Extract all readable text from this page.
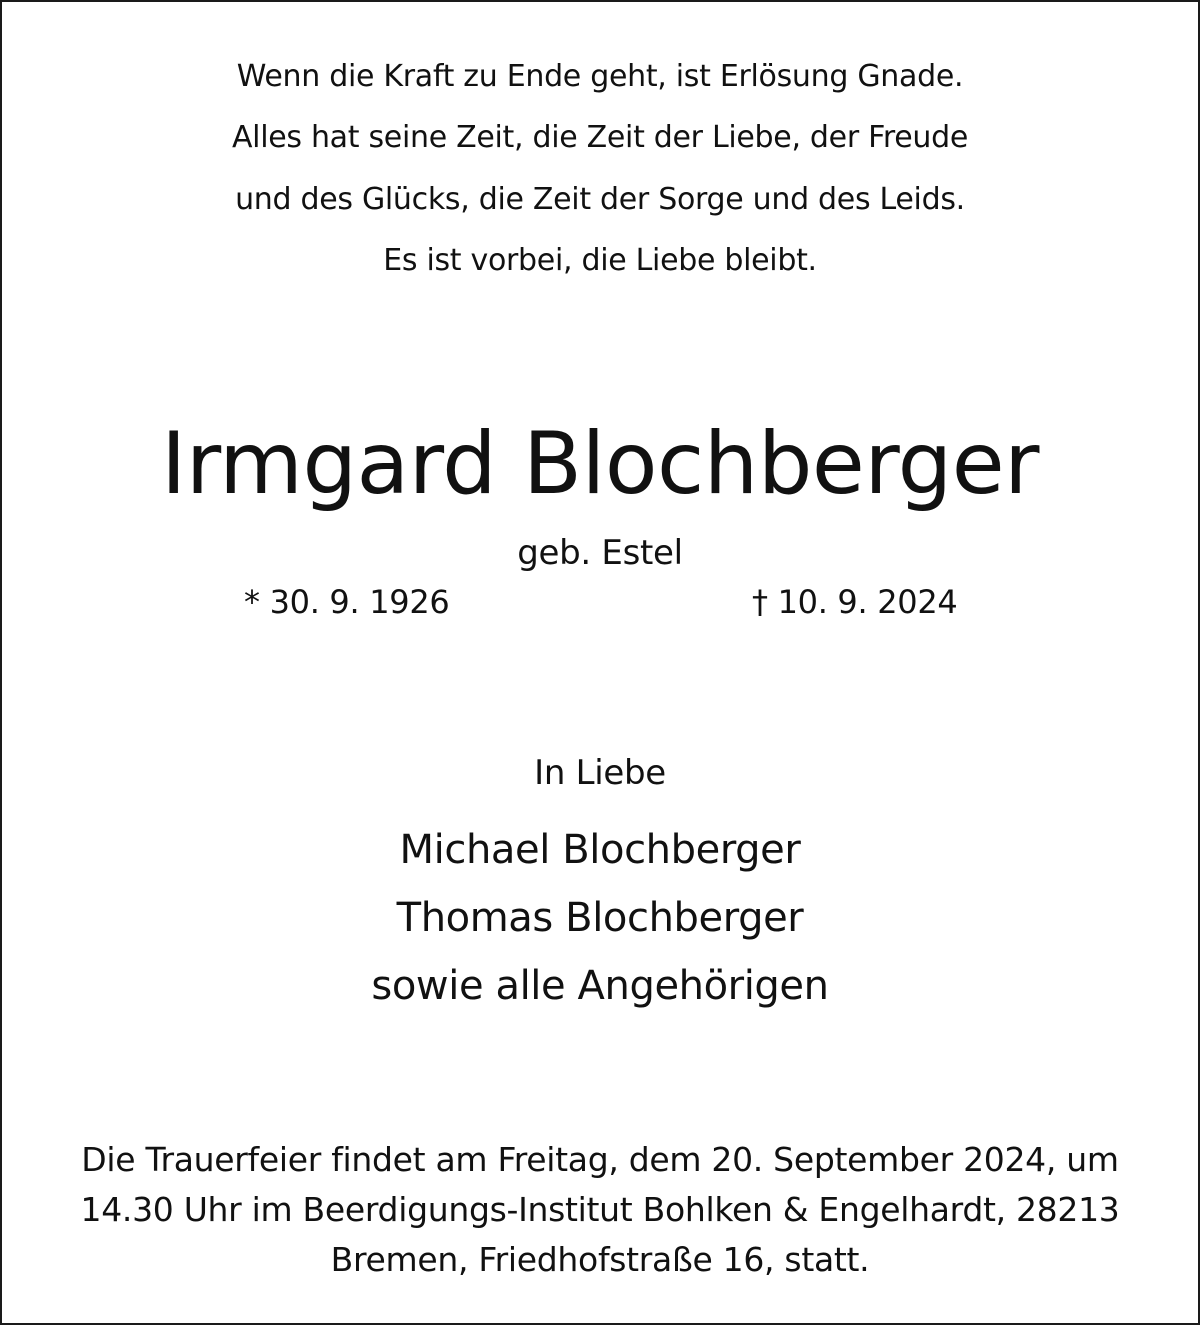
Wenn die Kraft zu Ende geht, ist Erlösung Gnade.
Alles hat seine Zeit, die Zeit der Liebe, der Freude
und des Glücks, die Zeit der Sorge und des Leids.
Es ist vorbei, die Liebe bleibt.
Irmgard Blochberger
geb. Estel
* 30. 9. 1926	† 10. 9. 2024
In Liebe
Michael Blochberger
Thomas Blochberger
sowie alle Angehörigen
Die Trauerfeier findet am Freitag, dem 20. September 2024, um
14.30 Uhr im Beerdigungs-Institut Bohlken & Engelhardt, 28213
Bremen, Friedhofstraße 16, statt.
